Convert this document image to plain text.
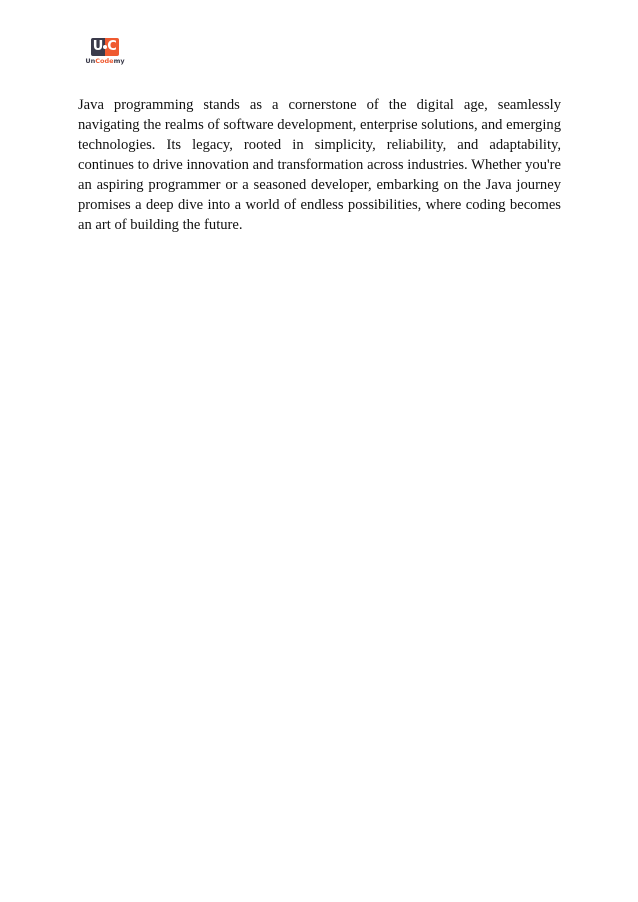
U C
UnCodemy

Java programming stands as a cornerstone of the digital age, seamlessly navigating the realms of software development, enterprise solutions, and emerging technologies. Its legacy, rooted in simplicity, reliability, and adaptability, continues to drive innovation and transformation across industries. Whether you're an aspiring programmer or a seasoned developer, embarking on the Java journey promises a deep dive into a world of endless possibilities, where coding becomes an art of building the future.
